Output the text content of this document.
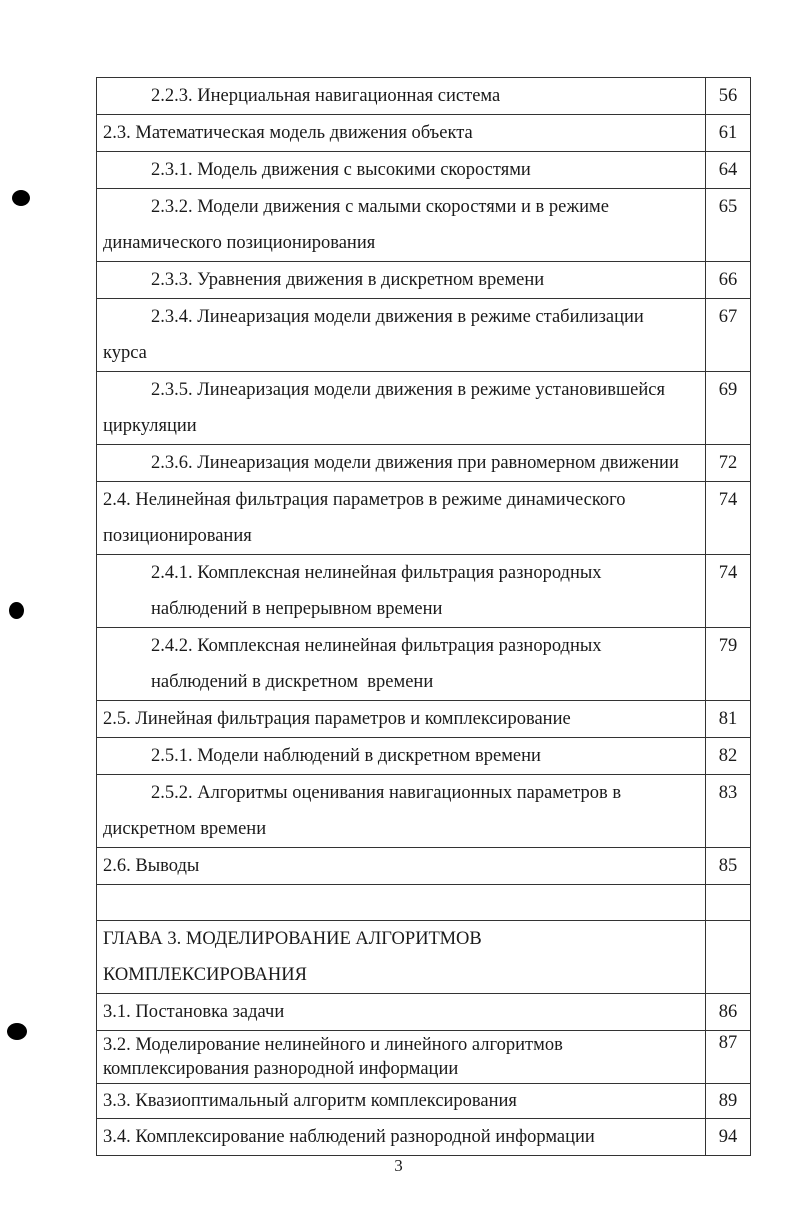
2.2.3. Инерциальная навигационная система	56
2.3. Математическая модель движения объекта	61

2.3.1. Модель движения с высокими скоростями	64

2.3.2. Модели движения с малыми скоростями и в режиме
динамического позиционирования	65

2.3.3. Уравнения движения в дискретном времени	66

2.3.4. Линеаризация модели движения в режиме стабилизации
курса	67

2.3.5. Линеаризация модели движения в режиме установившейся
циркуляции	69

2.3.6. Линеаризация модели движения при равномерном движении	72

2.4. Нелинейная фильтрация параметров в режиме динамического
позиционирования	74

2.4.1. Комплексная нелинейная фильтрация разнородных
наблюдений в непрерывном времени	74

2.4.2. Комплексная нелинейная фильтрация разнородных
наблюдений в дискретном  времени	79
2.5. Линейная фильтрация параметров и комплексирование	81

2.5.1. Модели наблюдений в дискретном времени	82

2.5.2. Алгоритмы оценивания навигационных параметров в
дискретном времени	83
2.6. Выводы	85

ГЛАВА 3. МОДЕЛИРОВАНИЕ АЛГОРИТМОВ
КОМПЛЕКСИРОВАНИЯ	
3.1. Постановка задачи	86

3.2. Моделирование нелинейного и линейного алгоритмов
комплексирования разнородной информации	87
3.3. Квазиоптимальный алгоритм комплексирования	89
3.4. Комплексирование наблюдений разнородной информации	94
3
